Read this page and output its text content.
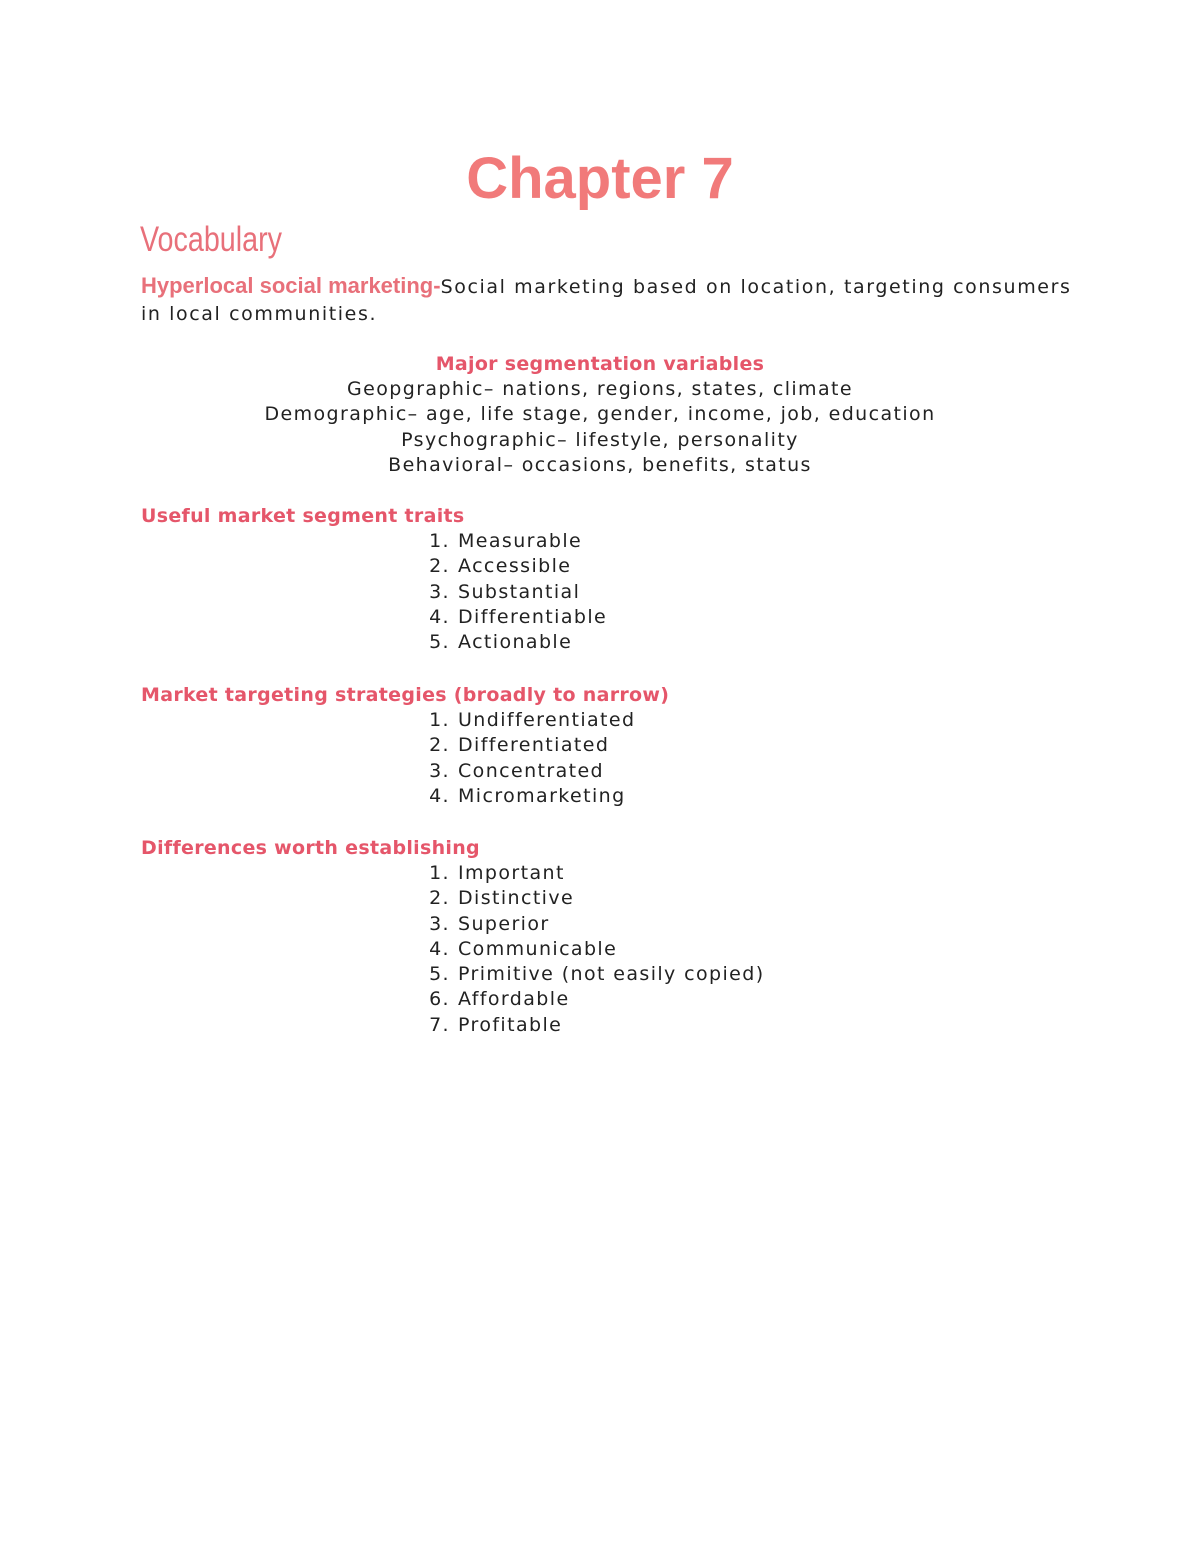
Chapter 7
Vocabulary

Hyperlocal social marketing-Social marketing based on location, targeting consumers in local communities.

Major segmentation variables
Geopgraphic– nations, regions, states, climate
Demographic– age, life stage, gender, income, job, education
Psychographic– lifestyle, personality
Behavioral– occasions, benefits, status
Useful market segment traits
1. Measurable
2. Accessible
3. Substantial
4. Differentiable
5. Actionable
Market targeting strategies (broadly to narrow)
1. Undifferentiated
2. Differentiated
3. Concentrated
4. Micromarketing
Differences worth establishing
1. Important
2. Distinctive
3. Superior
4. Communicable
5. Primitive (not easily copied)
6. Affordable
7. Profitable
